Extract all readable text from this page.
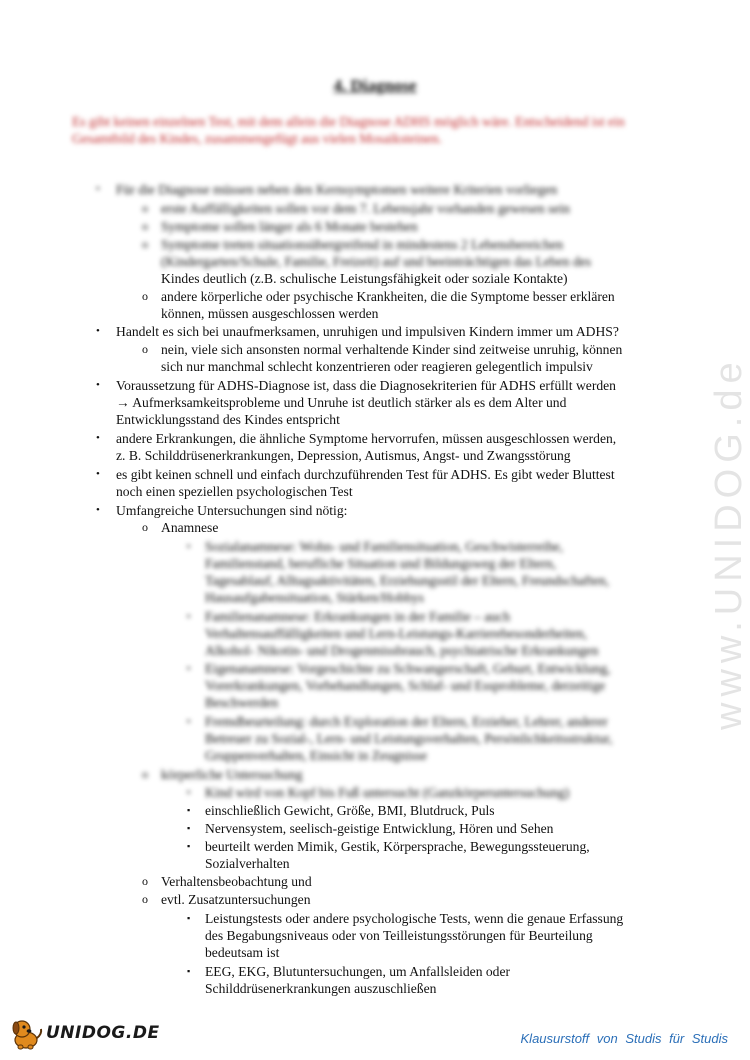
4. Diagnose
Es gibt keinen einzelnen Test, mit dem allein die Diagnose ADHS möglich wäre. Entscheidend ist ein Gesamtbild des Kindes, zusammengefügt aus vielen Mosaiksteinen.
• Für die Diagnose müssen neben den Kernsymptomen weitere Kriterien vorliegen
o erste Auffälligkeiten sollen vor dem 7. Lebensjahr vorhanden gewesen sein
o Symptome sollen länger als 6 Monate bestehen
o Symptome treten situationsübergreifend in mindestens 2 Lebensbereichen
(Kindergarten/Schule, Familie, Freizeit) auf und beeinträchtigen das Leben des
Kindes deutlich (z.B. schulische Leistungsfähigkeit oder soziale Kontakte)
o andere körperliche oder psychische Krankheiten, die die Symptome besser erklären
können, müssen ausgeschlossen werden
• Handelt es sich bei unaufmerksamen, unruhigen und impulsiven Kindern immer um ADHS?
o nein, viele sich ansonsten normal verhaltende Kinder sind zeitweise unruhig, können
sich nur manchmal schlecht konzentrieren oder reagieren gelegentlich impulsiv
• Voraussetzung für ADHS-Diagnose ist, dass die Diagnosekriterien für ADHS erfüllt werden
→ Aufmerksamkeitsprobleme und Unruhe ist deutlich stärker als es dem Alter und
Entwicklungsstand des Kindes entspricht
• andere Erkrankungen, die ähnliche Symptome hervorrufen, müssen ausgeschlossen werden,
z. B. Schilddrüsenerkrankungen, Depression, Autismus, Angst- und Zwangsstörung
• es gibt keinen schnell und einfach durchzuführenden Test für ADHS. Es gibt weder Bluttest
noch einen speziellen psychologischen Test
• Umfangreiche Untersuchungen sind nötig:
o Anamnese
▪ Sozialanamnese: Wohn- und Familiensituation, Geschwisterreihe,
Familienstand, berufliche Situation und Bildungsweg der Eltern,
Tagesablauf, Alltagsaktivitäten, Erziehungsstil der Eltern, Freundschaften,
Hausaufgabensituation, Stärken/Hobbys
▪ Familienanamnese: Erkrankungen in der Familie – auch
Verhaltensauffälligkeiten und Lern-Leistungs-Karrierebesonderheiten,
Alkohol- Nikotin- und Drogenmissbrauch, psychiatrische Erkrankungen
▪ Eigenanamnese: Vorgeschichte zu Schwangerschaft, Geburt, Entwicklung,
Vorerkrankungen, Vorbehandlungen, Schlaf- und Essprobleme, derzeitige
Beschwerden
▪ Fremdbeurteilung: durch Exploration der Eltern, Erzieher, Lehrer, anderer
Betreuer zu Sozial-, Lern- und Leistungsverhalten, Persönlichkeitsstruktur,
Gruppenverhalten, Einsicht in Zeugnisse
o körperliche Untersuchung
▪ Kind wird von Kopf bis Fuß untersucht (Ganzkörperuntersuchung)
▪ einschließlich Gewicht, Größe, BMI, Blutdruck, Puls
▪ Nervensystem, seelisch-geistige Entwicklung, Hören und Sehen
▪ beurteilt werden Mimik, Gestik, Körpersprache, Bewegungssteuerung,
Sozialverhalten
o Verhaltensbeobachtung und
o evtl. Zusatzuntersuchungen
▪ Leistungstests oder andere psychologische Tests, wenn die genaue Erfassung
des Begabungsniveaus oder von Teilleistungsstörungen für Beurteilung
bedeutsam ist
▪ EEG, EKG, Blutuntersuchungen, um Anfallsleiden oder
Schilddrüsenerkrankungen auszuschließen
www.UNIDOG.de
UNIDOG.DE	Klausurstoff von Studis für Studis
